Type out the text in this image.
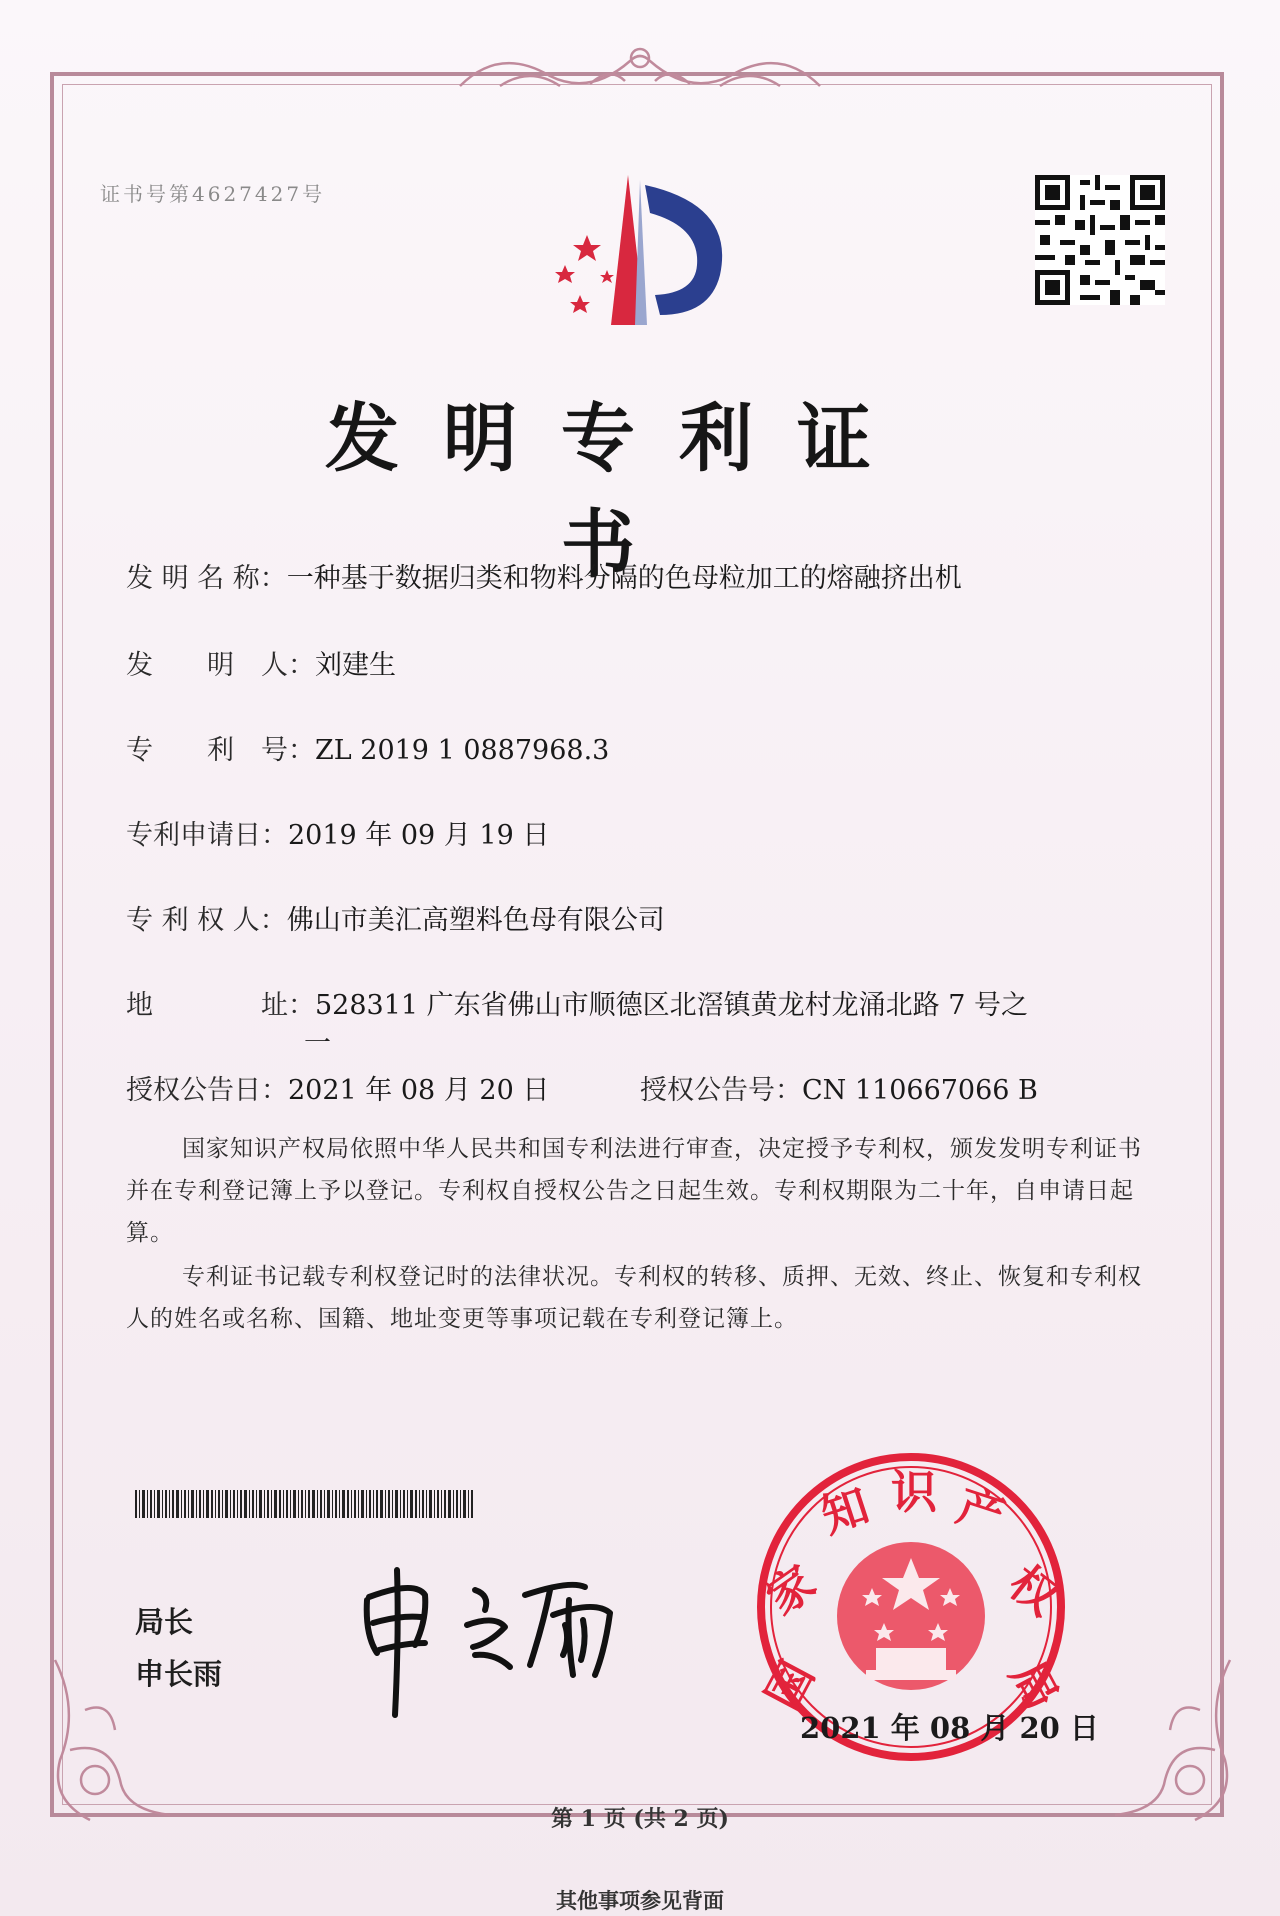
证书号第4627427号
发明专利证书
发 明 名 称：一种基于数据归类和物料分隔的色母粒加工的熔融挤出机
发　　明　人：刘建生
专　　利　号：ZL 2019 1 0887968.3
专利申请日：2019 年 09 月 19 日
专 利 权 人：佛山市美汇高塑料色母有限公司
地　　　　址：528311 广东省佛山市顺德区北滘镇黄龙村龙涌北路 7 号之
一
授权公告日：2021 年 08 月 20 日	授权公告号：CN 110667066 B
国家知识产权局依照中华人民共和国专利法进行审查，决定授予专利权，颁发发明专利证书并在专利登记簿上予以登记。专利权自授权公告之日起生效。专利权期限为二十年，自申请日起算。
专利证书记载专利权登记时的法律状况。专利权的转移、质押、无效、终止、恢复和专利权人的姓名或名称、国籍、地址变更等事项记载在专利登记簿上。
局长
申长雨	国
家
知 识 产
权
局
2021 年 08 月 20 日
第 1 页 (共 2 页)
其他事项参见背面
